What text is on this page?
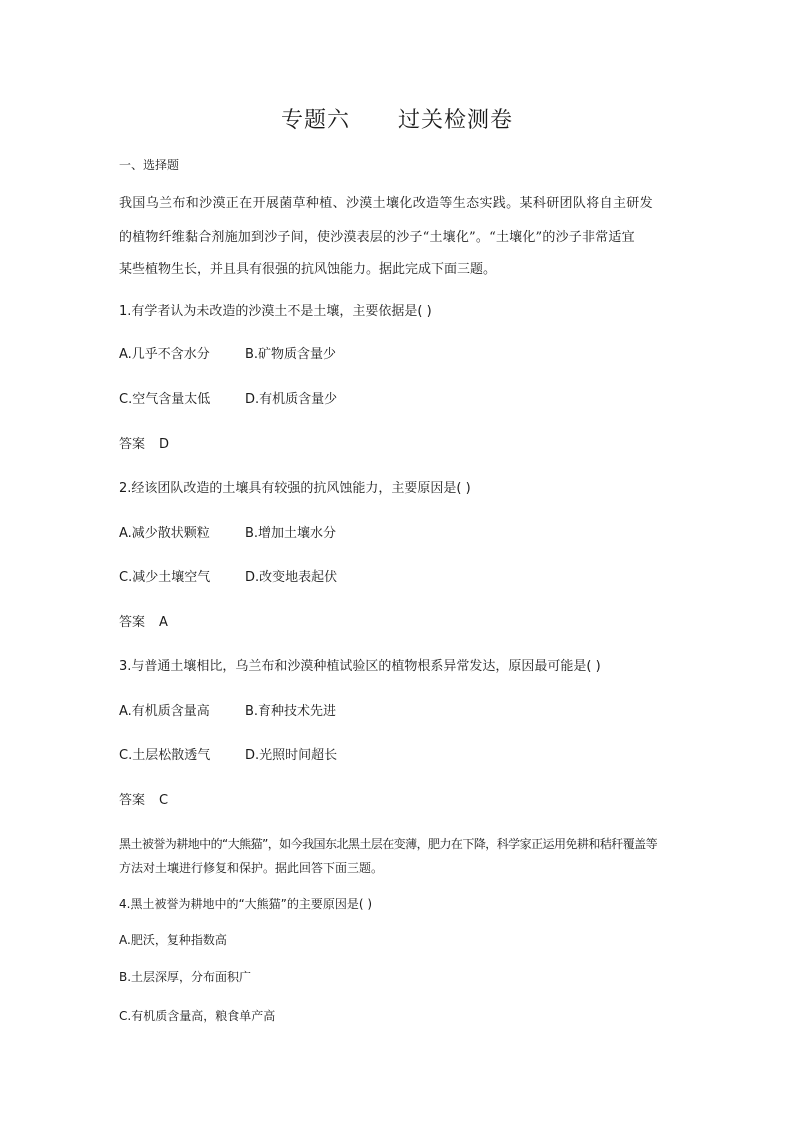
专题六      过关检测卷
一、选择题
我国乌兰布和沙漠正在开展菌草种植、沙漠土壤化改造等生态实践。某科研团队将自主研发
的植物纤维黏合剂施加到沙子间，使沙漠表层的沙子“土壤化”。“土壤化”的沙子非常适宜
某些植物生长，并且具有很强的抗风蚀能力。据此完成下面三题。
1.有学者认为未改造的沙漠土不是土壤，主要依据是( )
A.几乎不含水分	B.矿物质含量少
C.空气含量太低	D.有机质含量少
答案 D
2.经该团队改造的土壤具有较强的抗风蚀能力，主要原因是( )
A.减少散状颗粒	B.增加土壤水分
C.减少土壤空气	D.改变地表起伏
答案 A
3.与普通土壤相比，乌兰布和沙漠种植试验区的植物根系异常发达，原因最可能是( )
A.有机质含量高	B.育种技术先进
C.土层松散透气	D.光照时间超长
答案 C
黑土被誉为耕地中的“大熊猫”，如今我国东北黑土层在变薄，肥力在下降，科学家正运用免耕和秸秆覆盖等
方法对土壤进行修复和保护。据此回答下面三题。
4.黑土被誉为耕地中的“大熊猫”的主要原因是( )
A.肥沃，复种指数高
B.土层深厚，分布面积广
C.有机质含量高，粮食单产高
